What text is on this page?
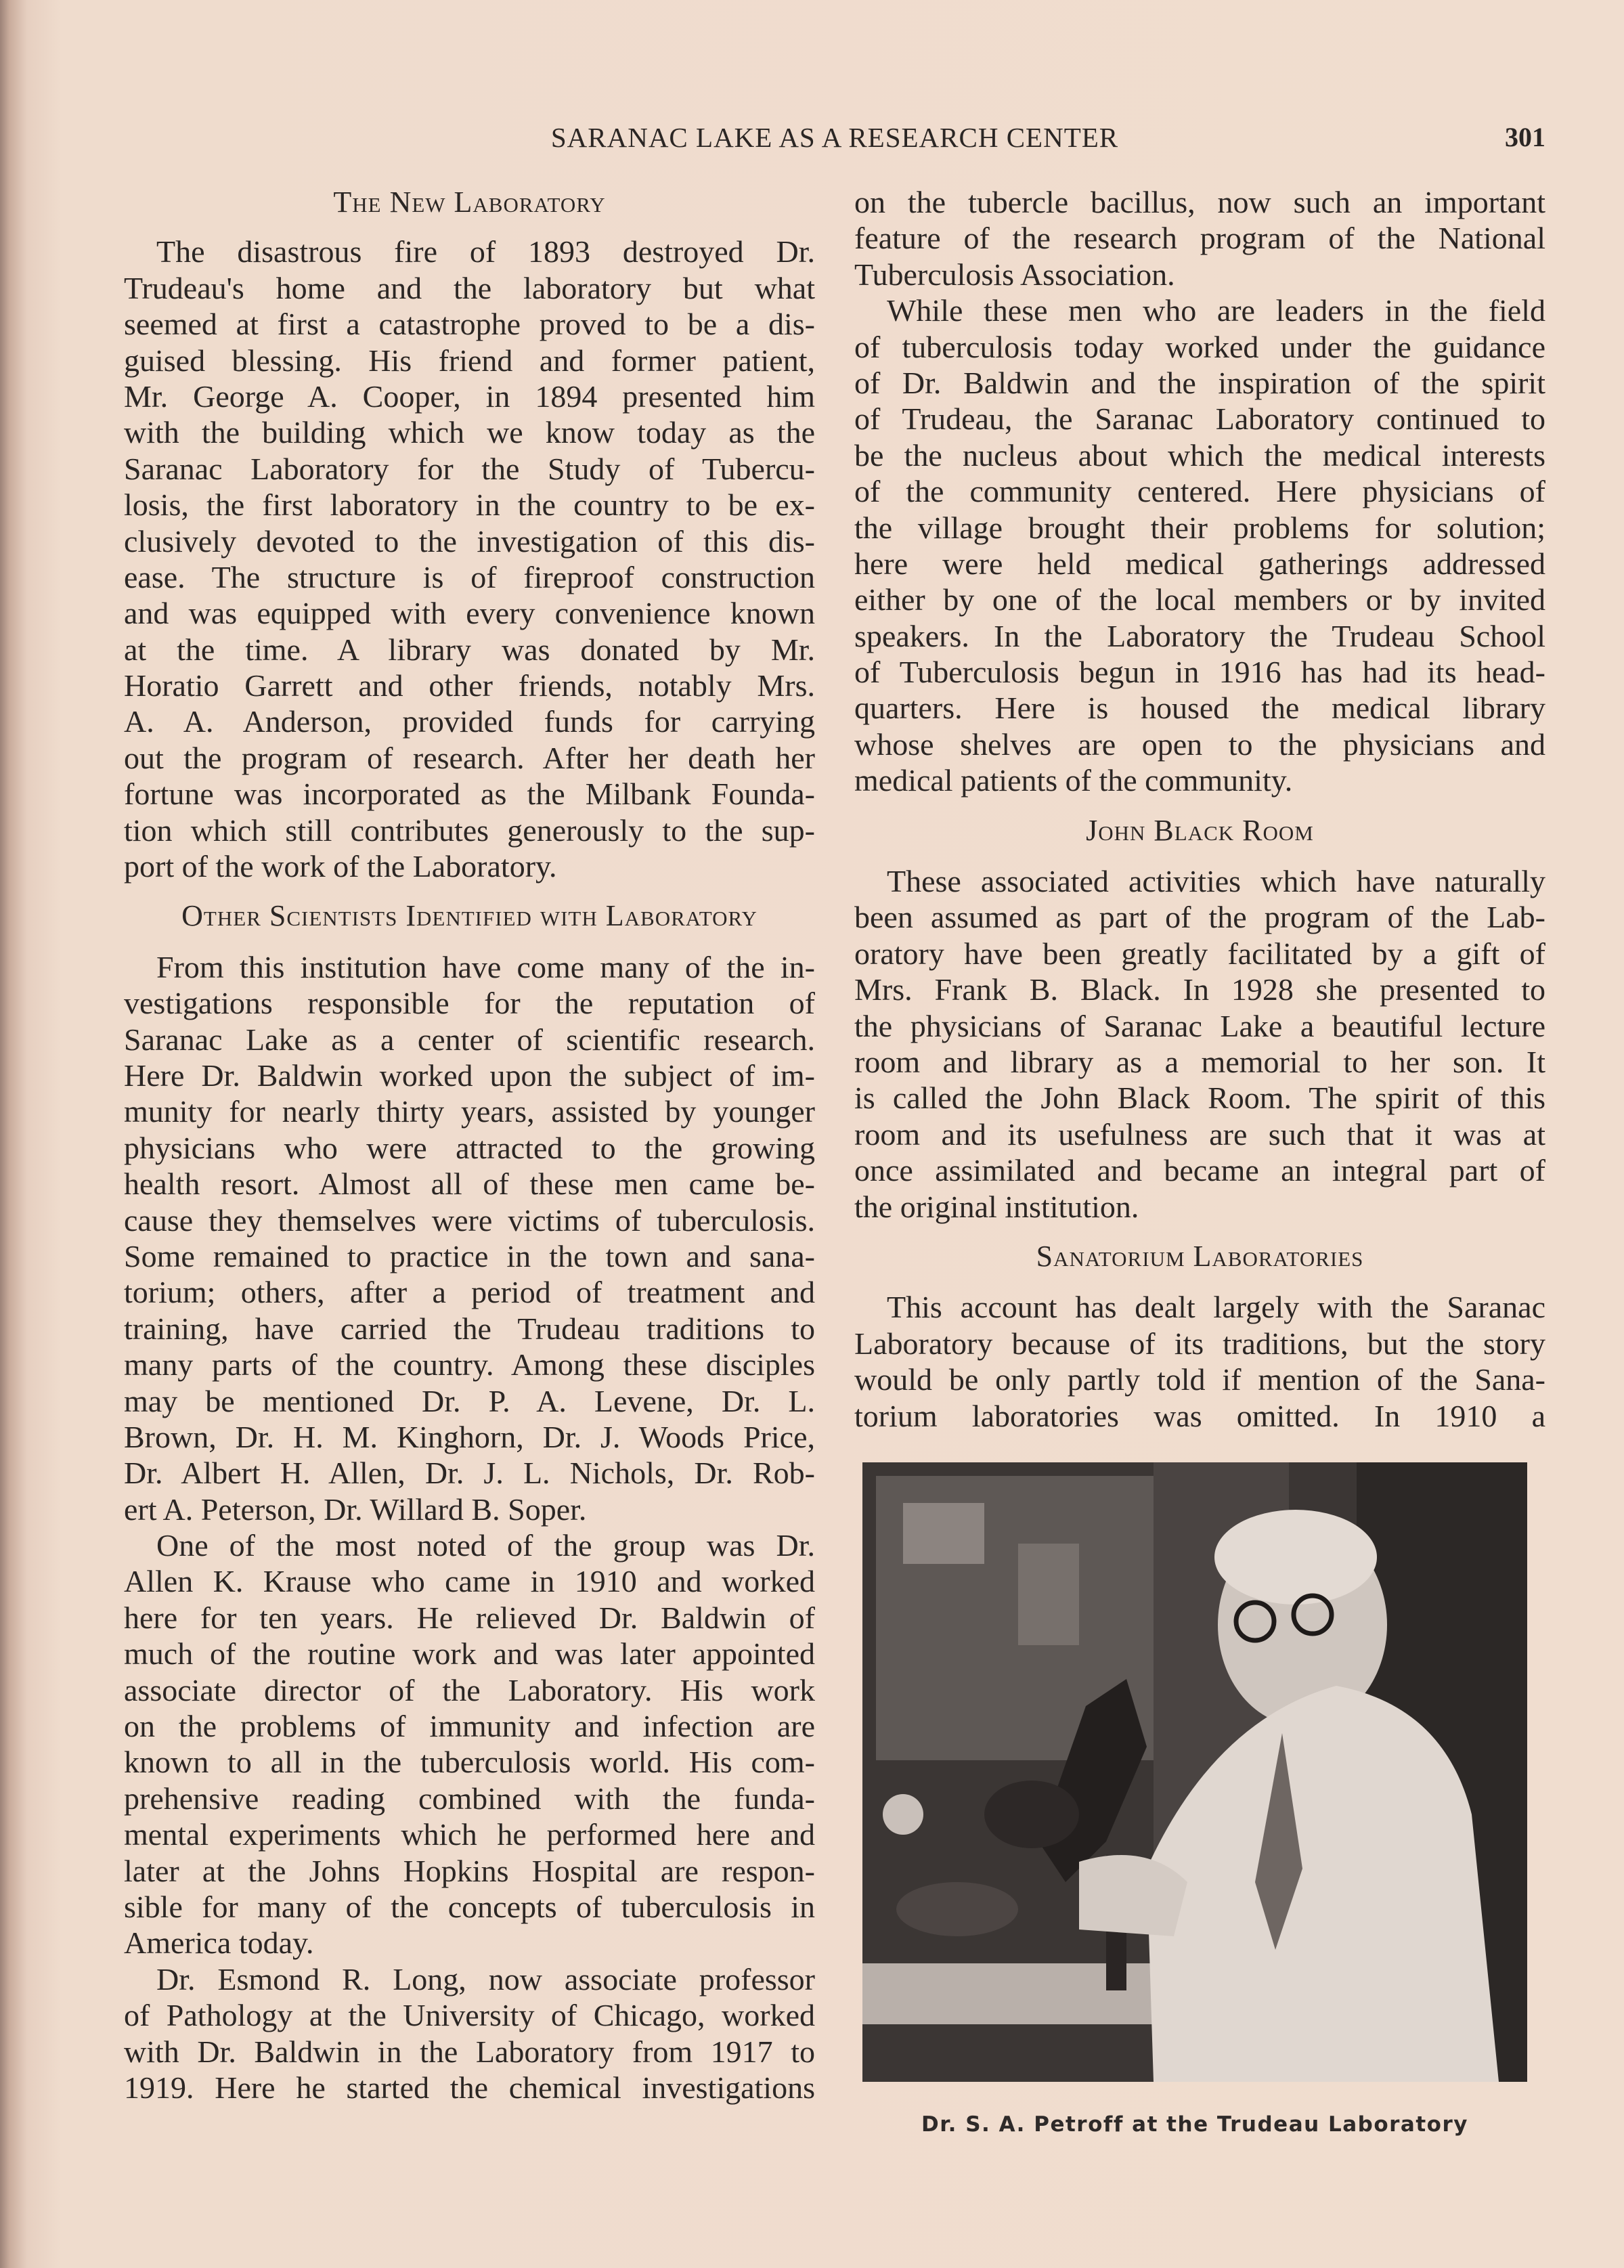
SARANAC LAKE AS A RESEARCH CENTER	301
The New Laboratory
The disastrous fire of 1893 destroyed Dr.
Trudeau's home and the laboratory but what
seemed at first a catastrophe proved to be a dis-
guised blessing. His friend and former patient,
Mr. George A. Cooper, in 1894 presented him
with the building which we know today as the
Saranac Laboratory for the Study of Tubercu-
losis, the first laboratory in the country to be ex-
clusively devoted to the investigation of this dis-
ease. The structure is of fireproof construction
and was equipped with every convenience known
at the time. A library was donated by Mr.
Horatio Garrett and other friends, notably Mrs.
A. A. Anderson, provided funds for carrying
out the program of research. After her death her
fortune was incorporated as the Milbank Founda-
tion which still contributes generously to the sup-
port of the work of the Laboratory.
Other Scientists Identified with Laboratory
From this institution have come many of the in-
vestigations responsible for the reputation of
Saranac Lake as a center of scientific research.
Here Dr. Baldwin worked upon the subject of im-
munity for nearly thirty years, assisted by younger
physicians who were attracted to the growing
health resort. Almost all of these men came be-
cause they themselves were victims of tuberculosis.
Some remained to practice in the town and sana-
torium; others, after a period of treatment and
training, have carried the Trudeau traditions to
many parts of the country. Among these disciples
may be mentioned Dr. P. A. Levene, Dr. L.
Brown, Dr. H. M. Kinghorn, Dr. J. Woods Price,
Dr. Albert H. Allen, Dr. J. L. Nichols, Dr. Rob-
ert A. Peterson, Dr. Willard B. Soper.
One of the most noted of the group was Dr.
Allen K. Krause who came in 1910 and worked
here for ten years. He relieved Dr. Baldwin of
much of the routine work and was later appointed
associate director of the Laboratory. His work
on the problems of immunity and infection are
known to all in the tuberculosis world. His com-
prehensive reading combined with the funda-
mental experiments which he performed here and
later at the Johns Hopkins Hospital are respon-
sible for many of the concepts of tuberculosis in
America today.
Dr. Esmond R. Long, now associate professor
of Pathology at the University of Chicago, worked
with Dr. Baldwin in the Laboratory from 1917 to
1919. Here he started the chemical investigations
on the tubercle bacillus, now such an important
feature of the research program of the National
Tuberculosis Association.
While these men who are leaders in the field
of tuberculosis today worked under the guidance
of Dr. Baldwin and the inspiration of the spirit
of Trudeau, the Saranac Laboratory continued to
be the nucleus about which the medical interests
of the community centered. Here physicians of
the village brought their problems for solution;
here were held medical gatherings addressed
either by one of the local members or by invited
speakers. In the Laboratory the Trudeau School
of Tuberculosis begun in 1916 has had its head-
quarters. Here is housed the medical library
whose shelves are open to the physicians and
medical patients of the community.
John Black Room
These associated activities which have naturally
been assumed as part of the program of the Lab-
oratory have been greatly facilitated by a gift of
Mrs. Frank B. Black. In 1928 she presented to
the physicians of Saranac Lake a beautiful lecture
room and library as a memorial to her son. It
is called the John Black Room. The spirit of this
room and its usefulness are such that it was at
once assimilated and became an integral part of
the original institution.
Sanatorium Laboratories
This account has dealt largely with the Saranac
Laboratory because of its traditions, but the story
would be only partly told if mention of the Sana-
torium laboratories was omitted. In 1910 a
Dr. S. A. Petroff at the Trudeau Laboratory
